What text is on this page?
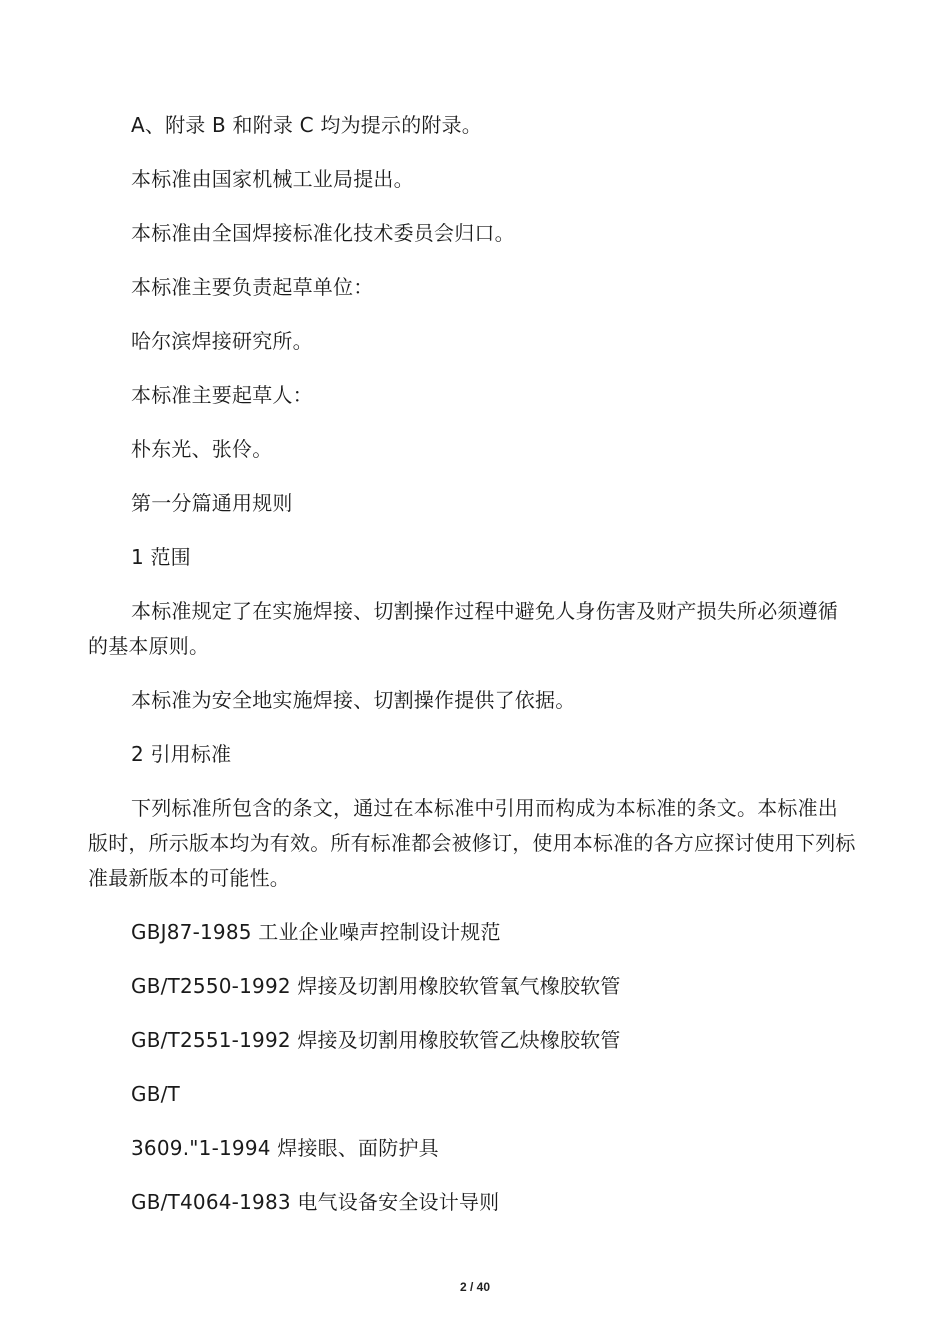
A、附录 B 和附录 C 均为提示的附录。

本标准由国家机械工业局提出。

本标准由全国焊接标准化技术委员会归口。

本标准主要负责起草单位：

哈尔滨焊接研究所。

本标准主要起草人：

朴东光、张伶。

第一分篇通用规则

1 范围

本标准规定了在实施焊接、切割操作过程中避免人身伤害及财产损失所必须遵循的基本原则。

本标准为安全地实施焊接、切割操作提供了依据。

2 引用标准

下列标准所包含的条文，通过在本标准中引用而构成为本标准的条文。本标准出版时，所示版本均为有效。所有标准都会被修订，使用本标准的各方应探讨使用下列标准最新版本的可能性。

GBJ87-1985 工业企业噪声控制设计规范

GB/T2550-1992 焊接及切割用橡胶软管氧气橡胶软管

GB/T2551-1992 焊接及切割用橡胶软管乙炔橡胶软管

GB/T

3609."1-1994 焊接眼、面防护具

GB/T4064-1983 电气设备安全设计导则

2 / 40
